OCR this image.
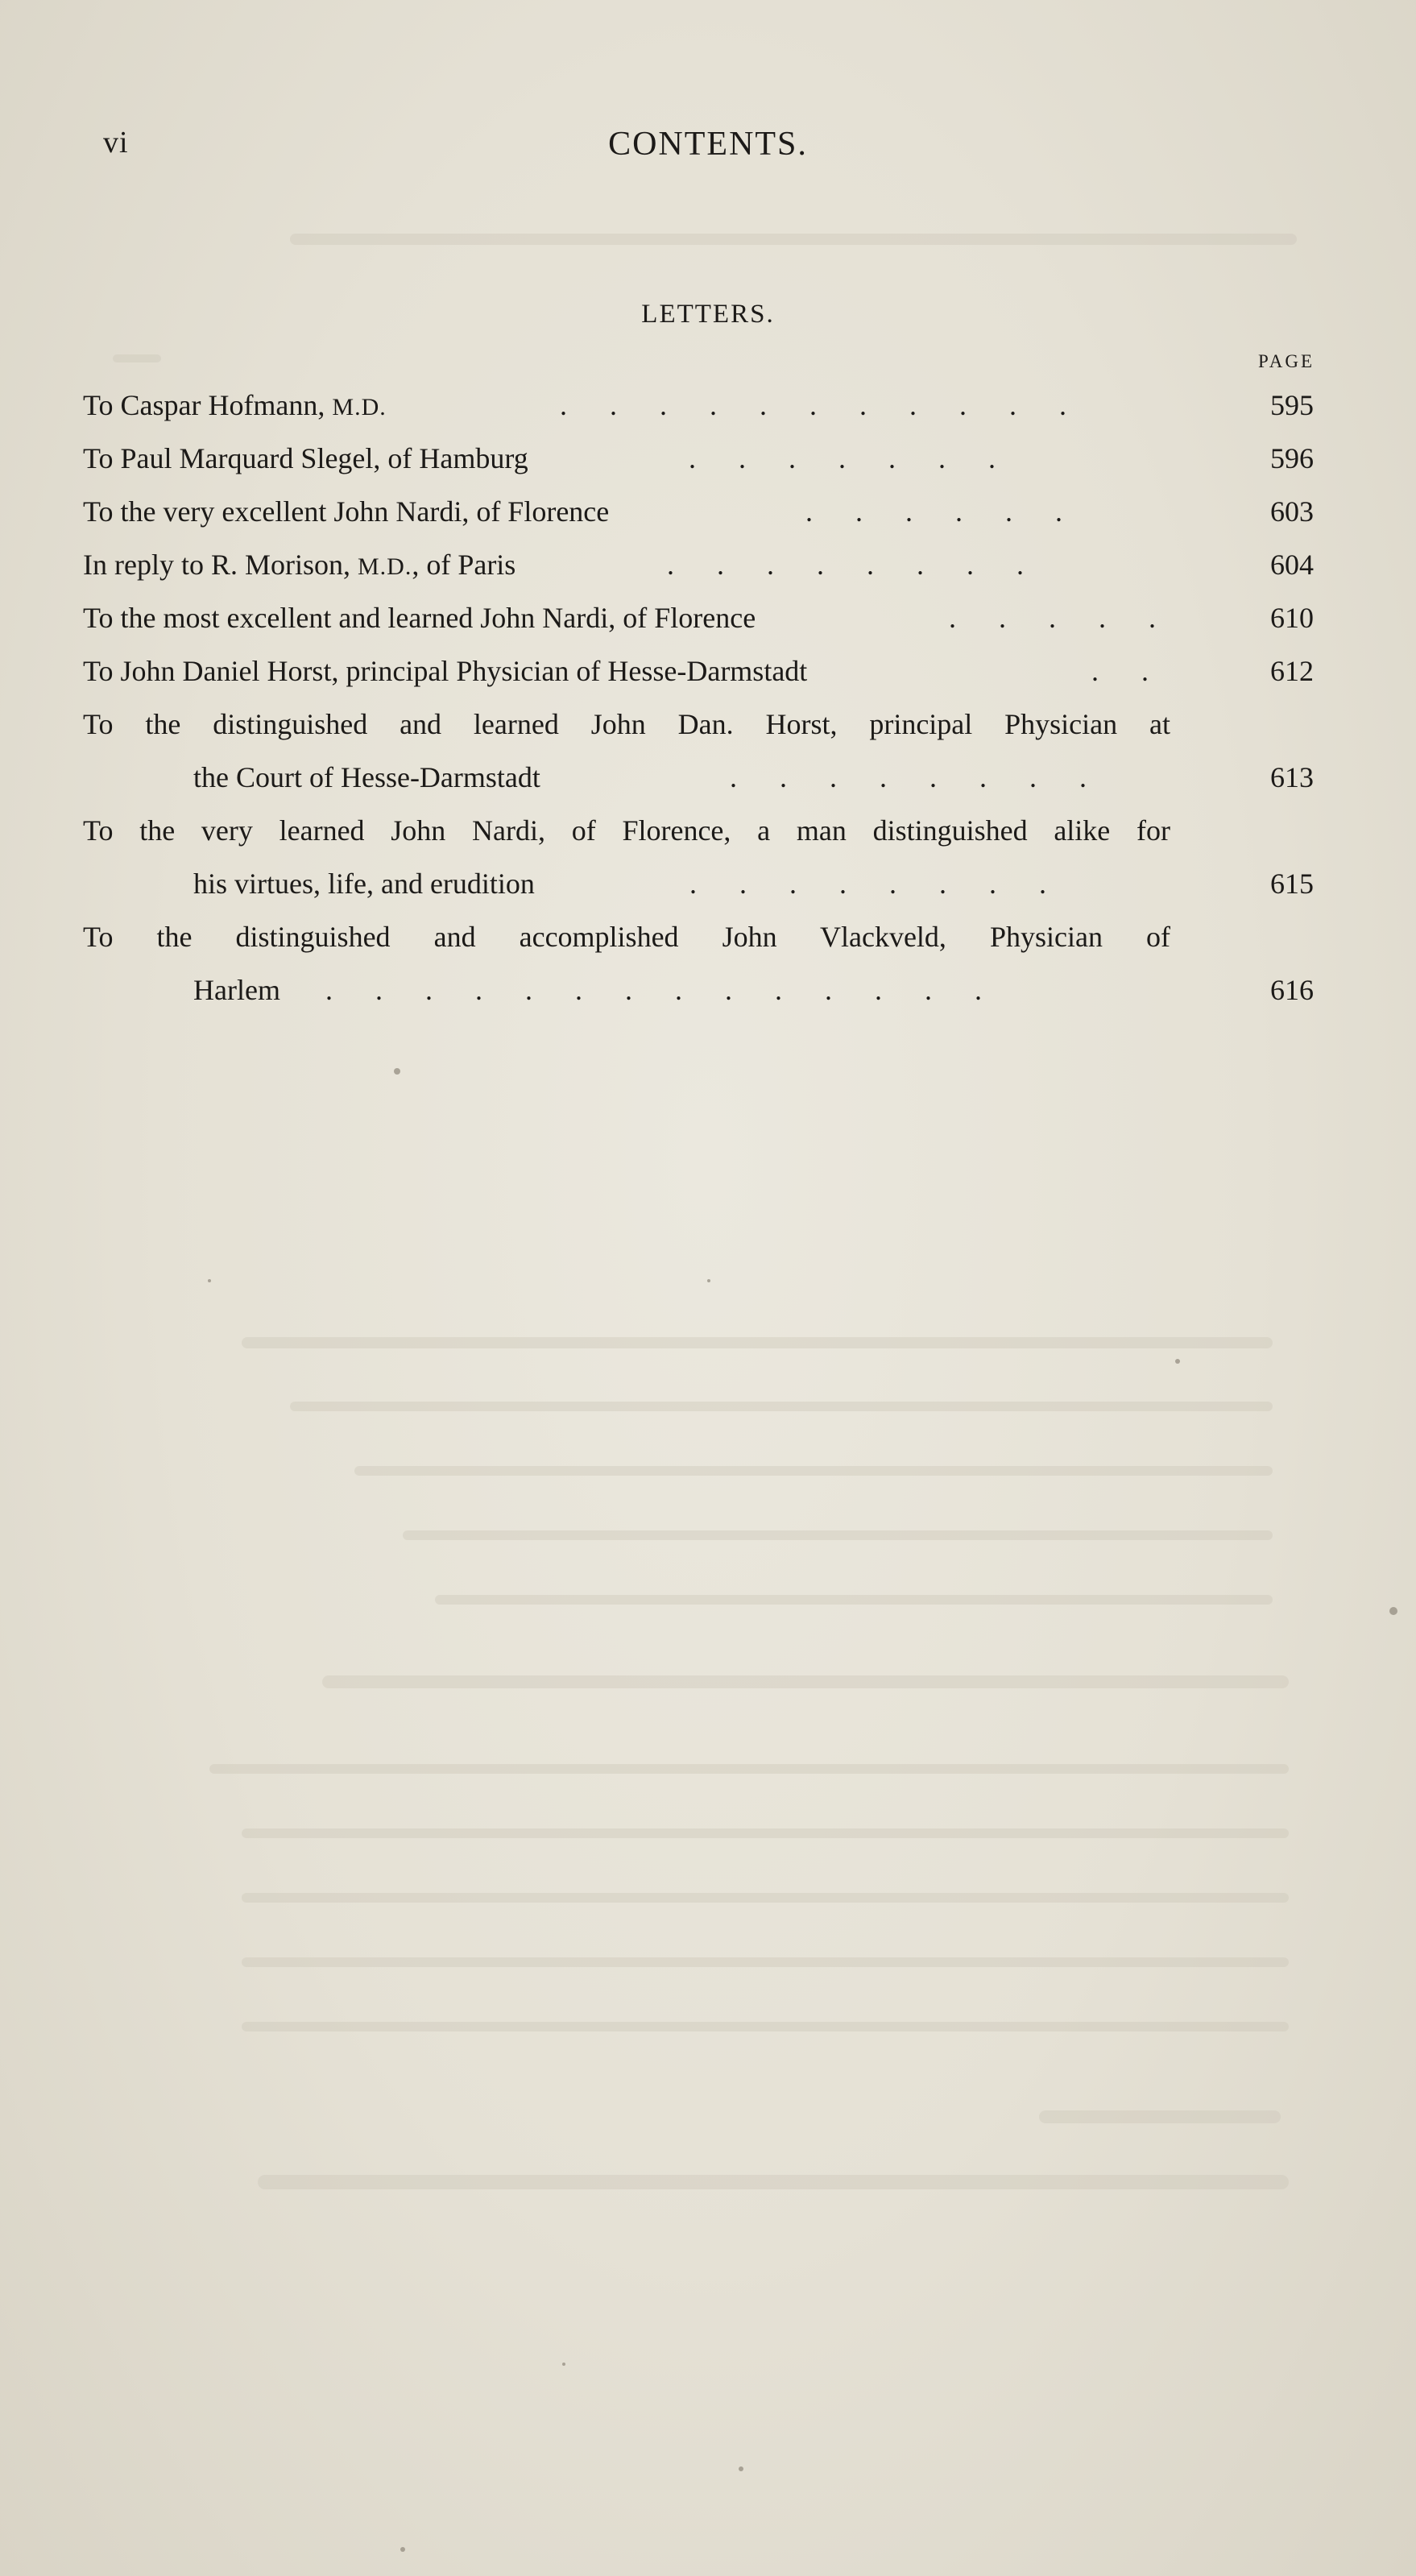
vi	CONTENTS.
LETTERS.
PAGE
To Caspar Hofmann, M.D.	. . . . . . . . . . .	595
To Paul Marquard Slegel, of Hamburg	. . . . . . .	596
To the very excellent John Nardi, of Florence	. . . . . .	603
In reply to R. Morison, M.D., of Paris	. . . . . . . .	604
To the most excellent and learned John Nardi, of Florence	. . . . .	610
To John Daniel Horst, principal Physician of Hesse-Darmstadt	. .	612
To the distinguished and learned John Dan. Horst, principal Physician at
the Court of Hesse-Darmstadt	. . . . . . . .	613
To the very learned John Nardi, of Florence, a man distinguished alike for
his virtues, life, and erudition	. . . . . . . .	615
To the distinguished and accomplished John Vlackveld, Physician of
Harlem . . . . . . . . . . . . . .	616
